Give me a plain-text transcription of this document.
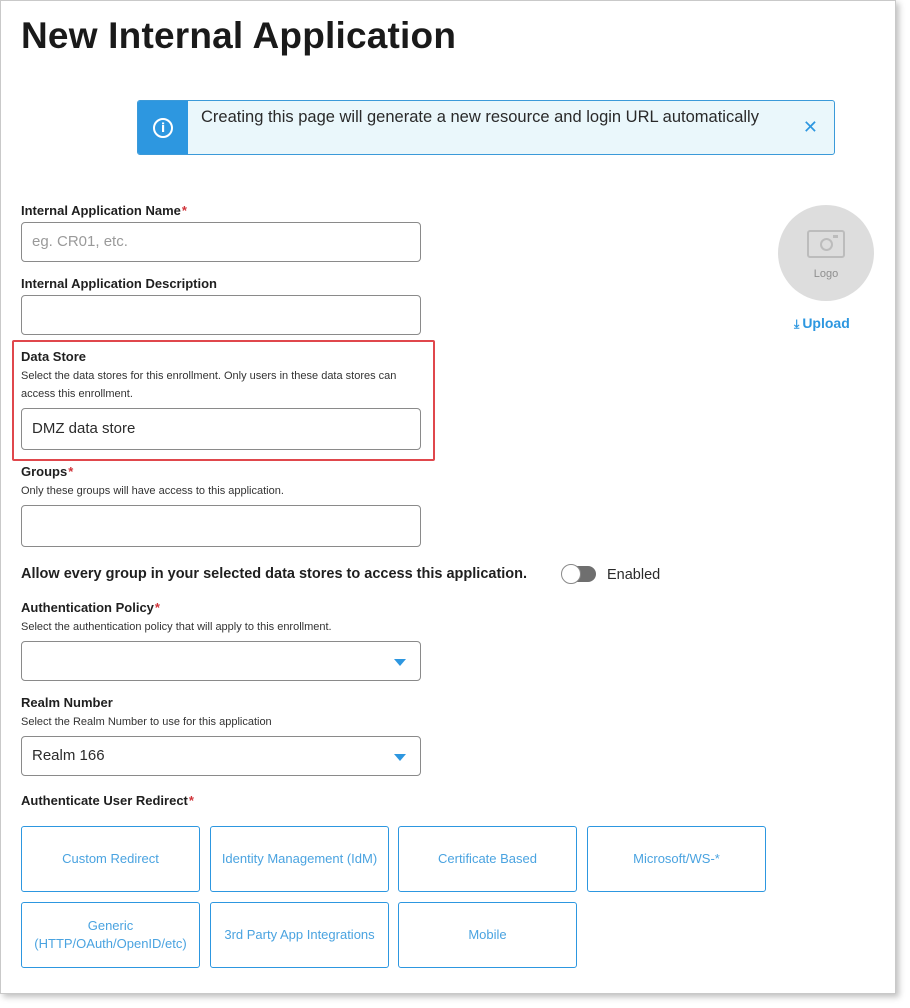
New Internal Application
i
Creating this page will generate a new resource and login URL automatically ✕
Internal Application Name*
eg. CR01, etc.
Internal Application Description
Data Store
Select the data stores for this enrollment. Only users in these data stores can access this enrollment.
DMZ data store
Groups*
Only these groups will have access to this application.
Allow every group in your selected data stores to access this application.	Enabled
Authentication Policy*
Select the authentication policy that will apply to this enrollment.
Realm Number
Select the Realm Number to use for this application
Realm 166
Authenticate User Redirect*
Custom Redirect	Identity Management (IdM)	Certificate Based	Microsoft/WS-*
Generic (HTTP/OAuth/OpenID/etc)
3rd Party App Integrations	Mobile
Logo
⤓ Upload
